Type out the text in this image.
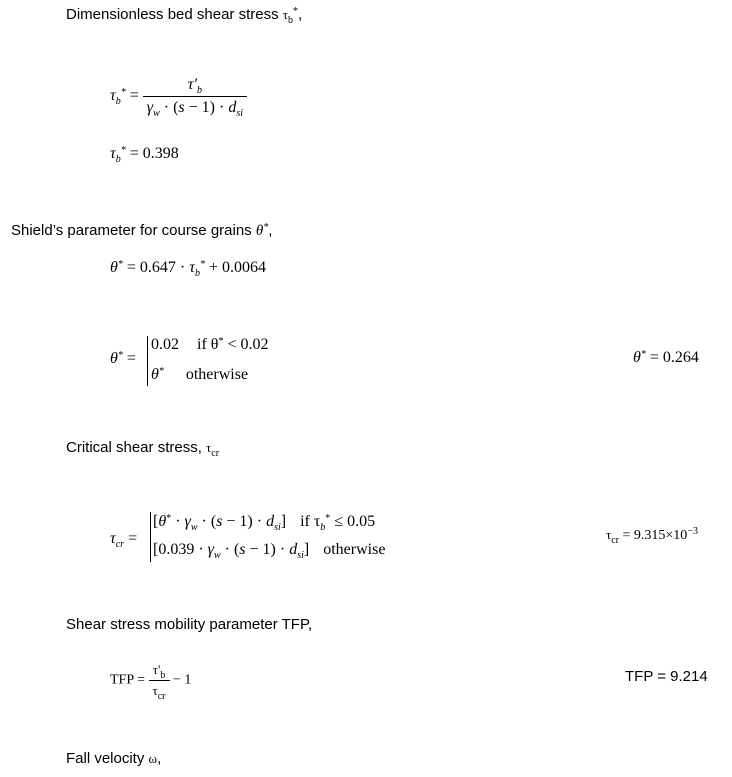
Dimensionless bed shear stress $\tau_b^*$,
$\tau_b^* = \frac{\tau'_b}{\gamma_w \cdot (s - 1) \cdot d_{si}}$
$\tau_b^* = 0.398$
Shield’s parameter for course grains θ*,
$\theta^* = 0.647 \cdot \tau_b^* + 0.0064$
θ* =
0.02 if θ* < 0.02
θ* otherwise
θ* = 0.264
Critical shear stress, $\tau_{cr}$
$\tau_{cr}$ =
$[\theta^* \cdot \gamma_w \cdot (s - 1) \cdot d_{si}]$ if $\tau_b^* \le 0.05$
$[0.039 \cdot \gamma_w \cdot (s - 1) \cdot d_{si}]$ otherwise
$\tau_{cr} = 9.315\times 10^{-3}$
Shear stress mobility parameter TFP,
TFP = $\frac{\tau'_b}{\tau_{cr}} - 1$	TFP = 9.214
Fall velocity ω,
